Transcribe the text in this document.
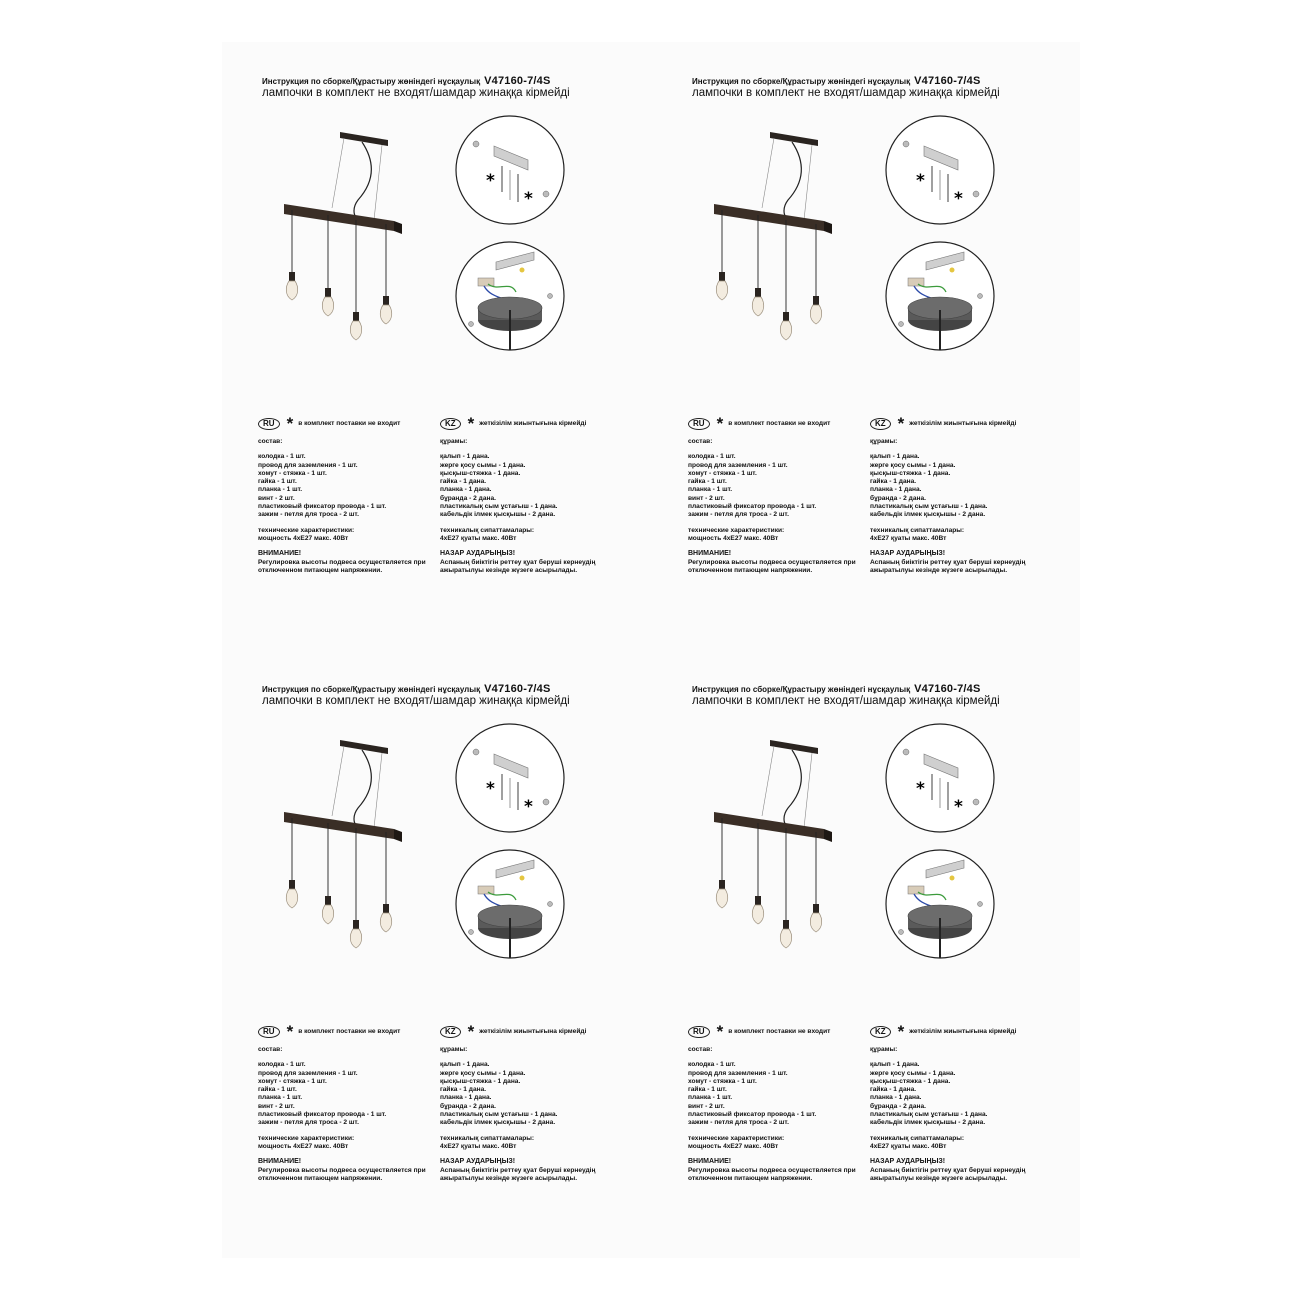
Инструкция по сборке/Құрастыру жөніндегі нұсқаулық V47160-7/4S
лампочки в комплект не входят/шамдар жинаққа кірмейді
*
*
RU * в комплект поставки не входит
состав:
колодка - 1 шт.
провод для заземления - 1 шт.
хомут - стяжка - 1 шт.
гайка - 1 шт.
планка - 1 шт.
винт - 2 шт.
пластиковый фиксатор провода - 1 шт.
зажим - петля для троса - 2 шт.
технические характеристики:
мощность 4xE27 макс. 40Вт
ВНИМАНИЕ!
Регулировка высоты подвеса осуществляется при отключенном питающем напряжении.
KZ * жеткізілім жиынтығына кірмейді
құрамы:
қалып - 1 дана.
жерге қосу сымы - 1 дана.
қысқыш-стяжка - 1 дана.
гайка - 1 дана.
планка - 1 дана.
бұранда - 2 дана.
пластикалық сым ұстағыш - 1 дана.
кабельдік ілмек қысқышы - 2 дана.
техникалық сипаттамалары:
4xE27 қуаты макс. 40Вт
НАЗАР АУДАРЫҢЫЗ!
Аспаның биіктігін реттеу қуат беруші кернеудің ажыратылуы кезінде жүзеге асырылады.
Инструкция по сборке/Құрастыру жөніндегі нұсқаулық V47160-7/4S
лампочки в комплект не входят/шамдар жинаққа кірмейді
*
*
RU * в комплект поставки не входит
состав:
колодка - 1 шт.
провод для заземления - 1 шт.
хомут - стяжка - 1 шт.
гайка - 1 шт.
планка - 1 шт.
винт - 2 шт.
пластиковый фиксатор провода - 1 шт.
зажим - петля для троса - 2 шт.
технические характеристики:
мощность 4xE27 макс. 40Вт
ВНИМАНИЕ!
Регулировка высоты подвеса осуществляется при отключенном питающем напряжении.
KZ * жеткізілім жиынтығына кірмейді
құрамы:
қалып - 1 дана.
жерге қосу сымы - 1 дана.
қысқыш-стяжка - 1 дана.
гайка - 1 дана.
планка - 1 дана.
бұранда - 2 дана.
пластикалық сым ұстағыш - 1 дана.
кабельдік ілмек қысқышы - 2 дана.
техникалық сипаттамалары:
4xE27 қуаты макс. 40Вт
НАЗАР АУДАРЫҢЫЗ!
Аспаның биіктігін реттеу қуат беруші кернеудің ажыратылуы кезінде жүзеге асырылады.
Инструкция по сборке/Құрастыру жөніндегі нұсқаулық V47160-7/4S
лампочки в комплект не входят/шамдар жинаққа кірмейді
*
*
RU * в комплект поставки не входит
состав:
колодка - 1 шт.
провод для заземления - 1 шт.
хомут - стяжка - 1 шт.
гайка - 1 шт.
планка - 1 шт.
винт - 2 шт.
пластиковый фиксатор провода - 1 шт.
зажим - петля для троса - 2 шт.
технические характеристики:
мощность 4xE27 макс. 40Вт
ВНИМАНИЕ!
Регулировка высоты подвеса осуществляется при отключенном питающем напряжении.
KZ * жеткізілім жиынтығына кірмейді
құрамы:
қалып - 1 дана.
жерге қосу сымы - 1 дана.
қысқыш-стяжка - 1 дана.
гайка - 1 дана.
планка - 1 дана.
бұранда - 2 дана.
пластикалық сым ұстағыш - 1 дана.
кабельдік ілмек қысқышы - 2 дана.
техникалық сипаттамалары:
4xE27 қуаты макс. 40Вт
НАЗАР АУДАРЫҢЫЗ!
Аспаның биіктігін реттеу қуат беруші кернеудің ажыратылуы кезінде жүзеге асырылады.
Инструкция по сборке/Құрастыру жөніндегі нұсқаулық V47160-7/4S
лампочки в комплект не входят/шамдар жинаққа кірмейді
*
*
RU * в комплект поставки не входит
состав:
колодка - 1 шт.
провод для заземления - 1 шт.
хомут - стяжка - 1 шт.
гайка - 1 шт.
планка - 1 шт.
винт - 2 шт.
пластиковый фиксатор провода - 1 шт.
зажим - петля для троса - 2 шт.
технические характеристики:
мощность 4xE27 макс. 40Вт
ВНИМАНИЕ!
Регулировка высоты подвеса осуществляется при отключенном питающем напряжении.
KZ * жеткізілім жиынтығына кірмейді
құрамы:
қалып - 1 дана.
жерге қосу сымы - 1 дана.
қысқыш-стяжка - 1 дана.
гайка - 1 дана.
планка - 1 дана.
бұранда - 2 дана.
пластикалық сым ұстағыш - 1 дана.
кабельдік ілмек қысқышы - 2 дана.
техникалық сипаттамалары:
4xE27 қуаты макс. 40Вт
НАЗАР АУДАРЫҢЫЗ!
Аспаның биіктігін реттеу қуат беруші кернеудің ажыратылуы кезінде жүзеге асырылады.
